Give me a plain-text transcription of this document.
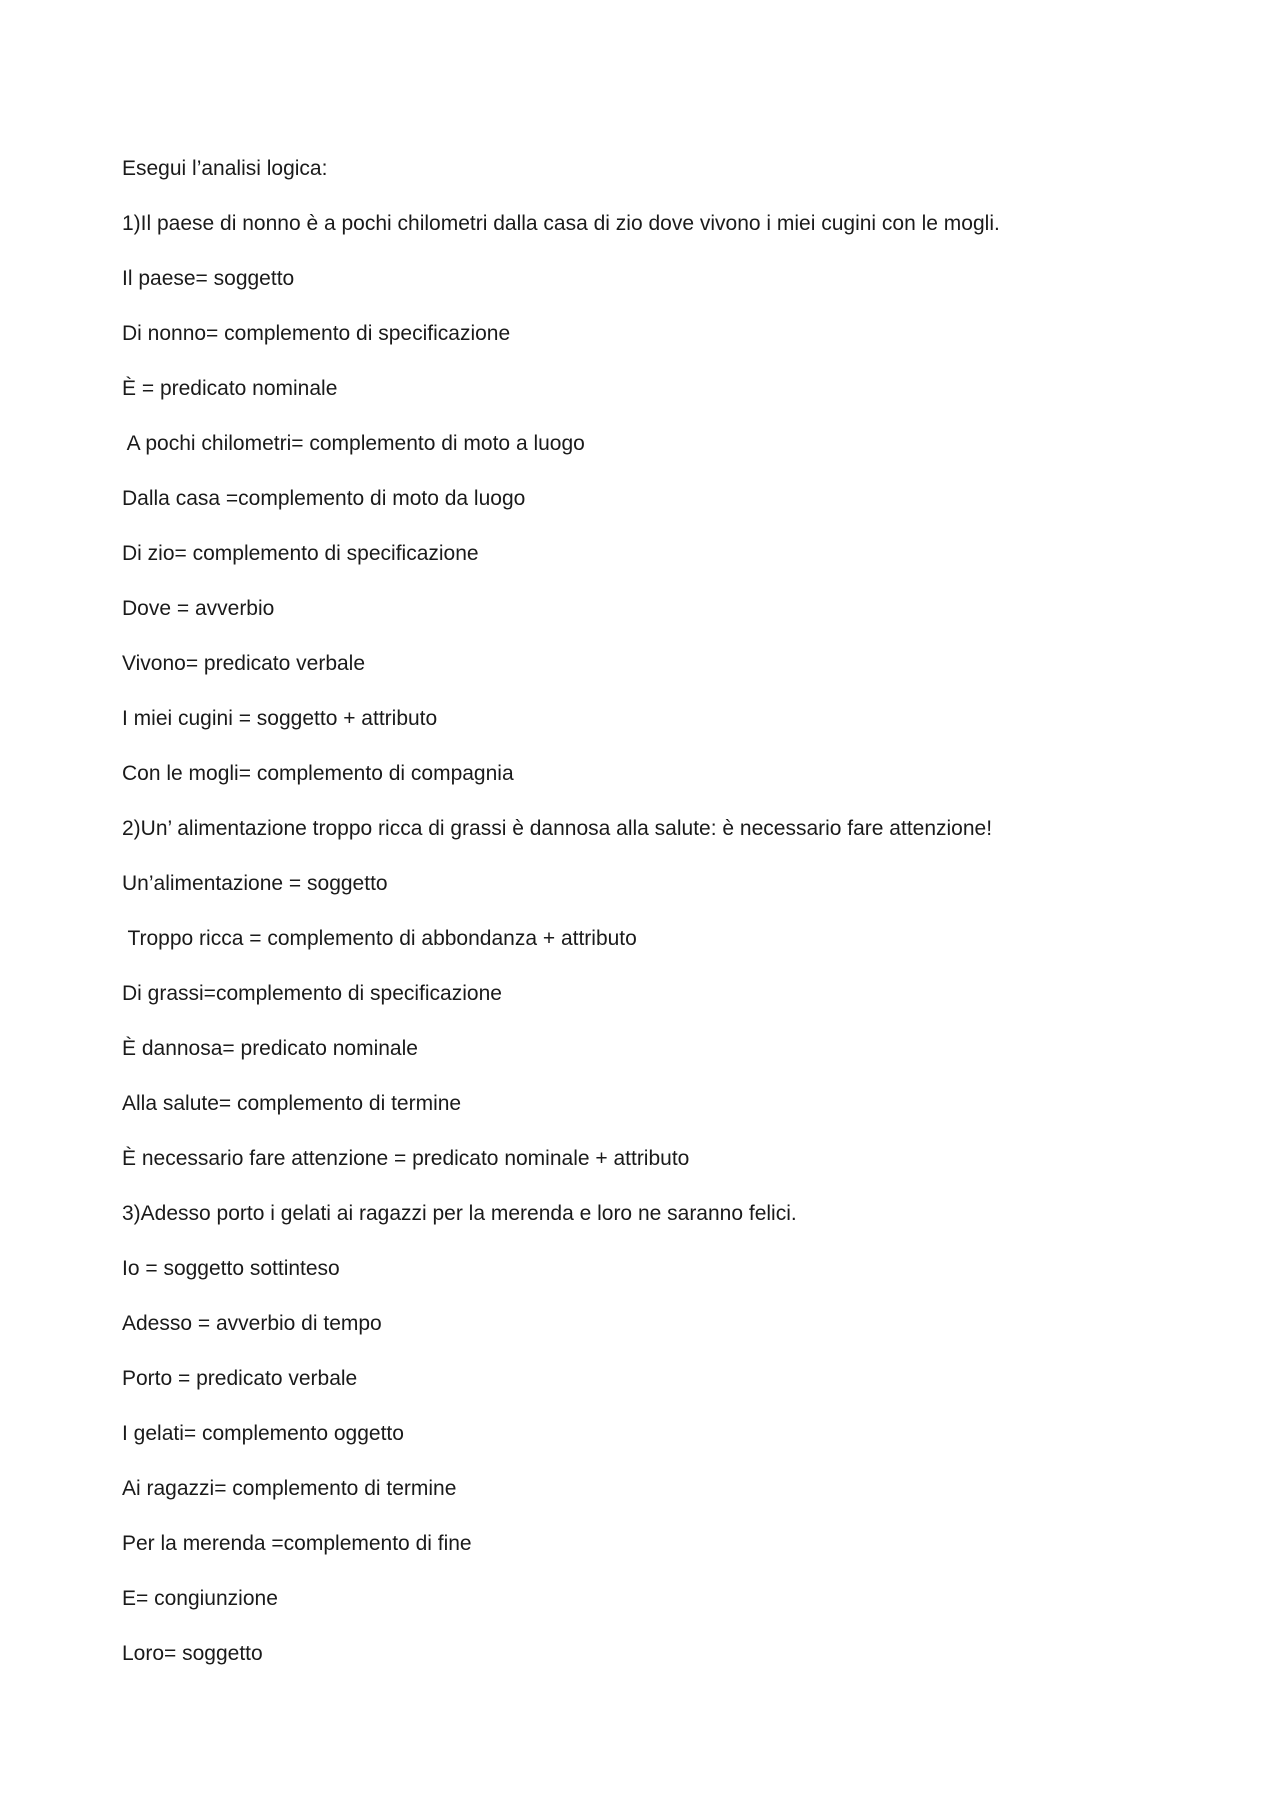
Esegui l’analisi logica:

1)Il paese di nonno è a pochi chilometri dalla casa di zio dove vivono i miei cugini con le mogli.

Il paese= soggetto

Di nonno= complemento di specificazione

È = predicato nominale

A pochi chilometri= complemento di moto a luogo

Dalla casa =complemento di moto da luogo

Di zio= complemento di specificazione

Dove = avverbio

Vivono= predicato verbale

I miei cugini = soggetto + attributo

Con le mogli= complemento di compagnia

2)Un’ alimentazione troppo ricca di grassi è dannosa alla salute: è necessario fare attenzione!

Un’alimentazione = soggetto

Troppo ricca = complemento di abbondanza + attributo

Di grassi=complemento di specificazione

È dannosa= predicato nominale

Alla salute= complemento di termine

È necessario fare attenzione = predicato nominale + attributo

3)Adesso porto i gelati ai ragazzi per la merenda e loro ne saranno felici.

Io = soggetto sottinteso

Adesso = avverbio di tempo

Porto = predicato verbale

I gelati= complemento oggetto

Ai ragazzi= complemento di termine

Per la merenda =complemento di fine

E= congiunzione

Loro= soggetto
